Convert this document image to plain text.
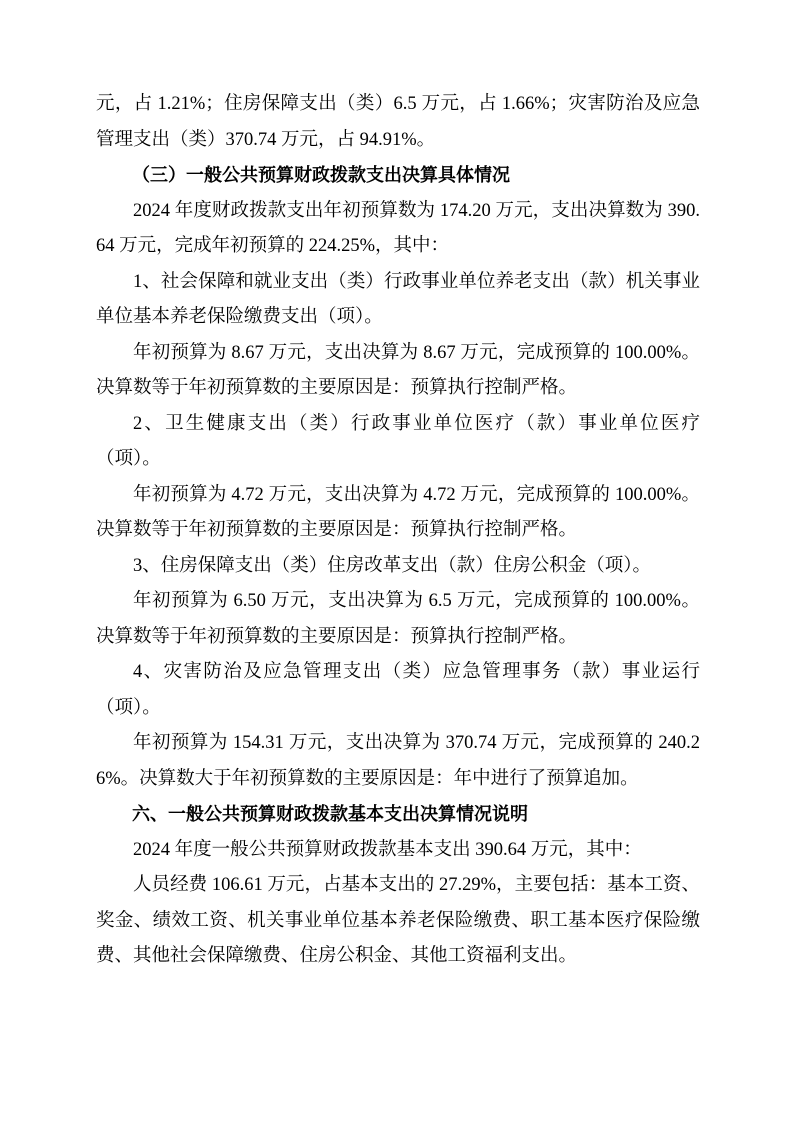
元，占 1.21%；住房保障支出（类）6.5 万元，占 1.66%；灾害防治及应急管理支出（类）370.74 万元，占 94.91%。

（三）一般公共预算财政拨款支出决算具体情况

2024 年度财政拨款支出年初预算数为 174.20 万元，支出决算数为 390.64 万元，完成年初预算的 224.25%，其中：

1、社会保障和就业支出（类）行政事业单位养老支出（款）机关事业单位基本养老保险缴费支出（项）。

年初预算为 8.67 万元，支出决算为 8.67 万元，完成预算的 100.00%。决算数等于年初预算数的主要原因是：预算执行控制严格。

2、卫生健康支出（类）行政事业单位医疗（款）事业单位医疗（项）。

年初预算为 4.72 万元，支出决算为 4.72 万元，完成预算的 100.00%。决算数等于年初预算数的主要原因是：预算执行控制严格。

3、住房保障支出（类）住房改革支出（款）住房公积金（项）。

年初预算为 6.50 万元，支出决算为 6.5 万元，完成预算的 100.00%。决算数等于年初预算数的主要原因是：预算执行控制严格。

4、灾害防治及应急管理支出（类）应急管理事务（款）事业运行（项）。

年初预算为 154.31 万元，支出决算为 370.74 万元，完成预算的 240.26%。决算数大于年初预算数的主要原因是：年中进行了预算追加。

六、一般公共预算财政拨款基本支出决算情况说明

2024 年度一般公共预算财政拨款基本支出 390.64 万元，其中：

人员经费 106.61 万元，占基本支出的 27.29%，主要包括：基本工资、奖金、绩效工资、机关事业单位基本养老保险缴费、职工基本医疗保险缴费、其他社会保障缴费、住房公积金、其他工资福利支出。
